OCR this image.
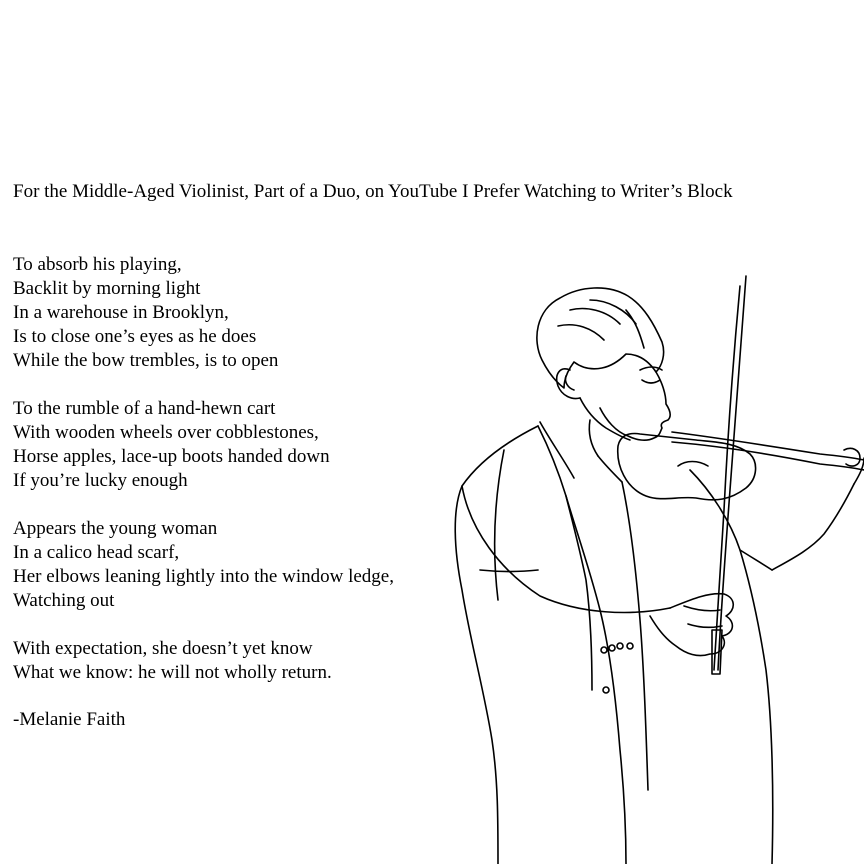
For the Middle-Aged Violinist, Part of a Duo, on YouTube I Prefer Watching to Writer’s Block
To absorb his playing,
Backlit by morning light
In a warehouse in Brooklyn,
Is to close one’s eyes as he does
While the bow trembles, is to open
To the rumble of a hand-hewn cart
With wooden wheels over cobblestones,
Horse apples, lace-up boots handed down
If you’re lucky enough
Appears the young woman
In a calico head scarf,
Her elbows leaning lightly into the window ledge,
Watching out
With expectation, she doesn’t yet know
What we know: he will not wholly return.
-Melanie Faith
